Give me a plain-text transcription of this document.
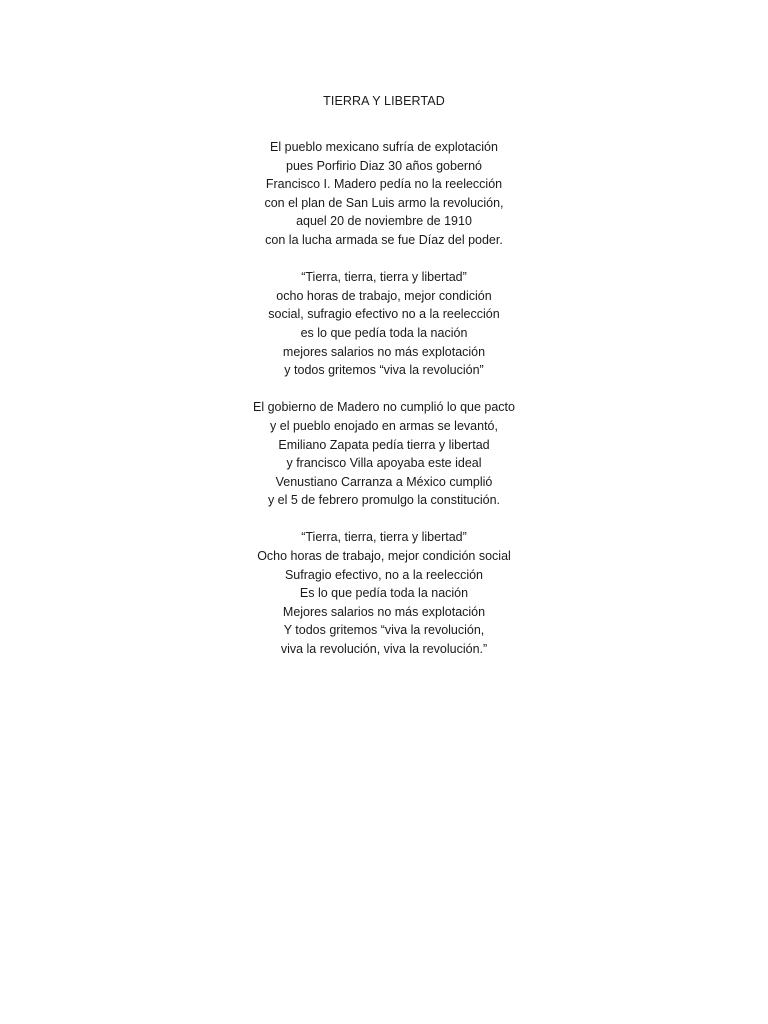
TIERRA Y LIBERTAD
El pueblo mexicano sufría de explotación
pues Porfirio Diaz 30 años gobernó
Francisco I. Madero pedía no la reelección
con el plan de San Luis armo la revolución,
aquel 20 de noviembre de 1910
con la lucha armada se fue Díaz del poder.
“Tierra, tierra, tierra y libertad”
ocho horas de trabajo, mejor condición
social, sufragio efectivo no a la reelección
es lo que pedía toda la nación
mejores salarios no más explotación
y todos gritemos “viva la revolución”
El gobierno de Madero no cumplió lo que pacto
y el pueblo enojado en armas se levantó,
Emiliano Zapata pedía tierra y libertad
y francisco Villa apoyaba este ideal
Venustiano Carranza a México cumplió
y el 5 de febrero promulgo la constitución.
“Tierra, tierra, tierra y libertad”
Ocho horas de trabajo, mejor condición social
Sufragio efectivo, no a la reelección
Es lo que pedía toda la nación
Mejores salarios no más explotación
Y todos gritemos “viva la revolución,
viva la revolución, viva la revolución.”
